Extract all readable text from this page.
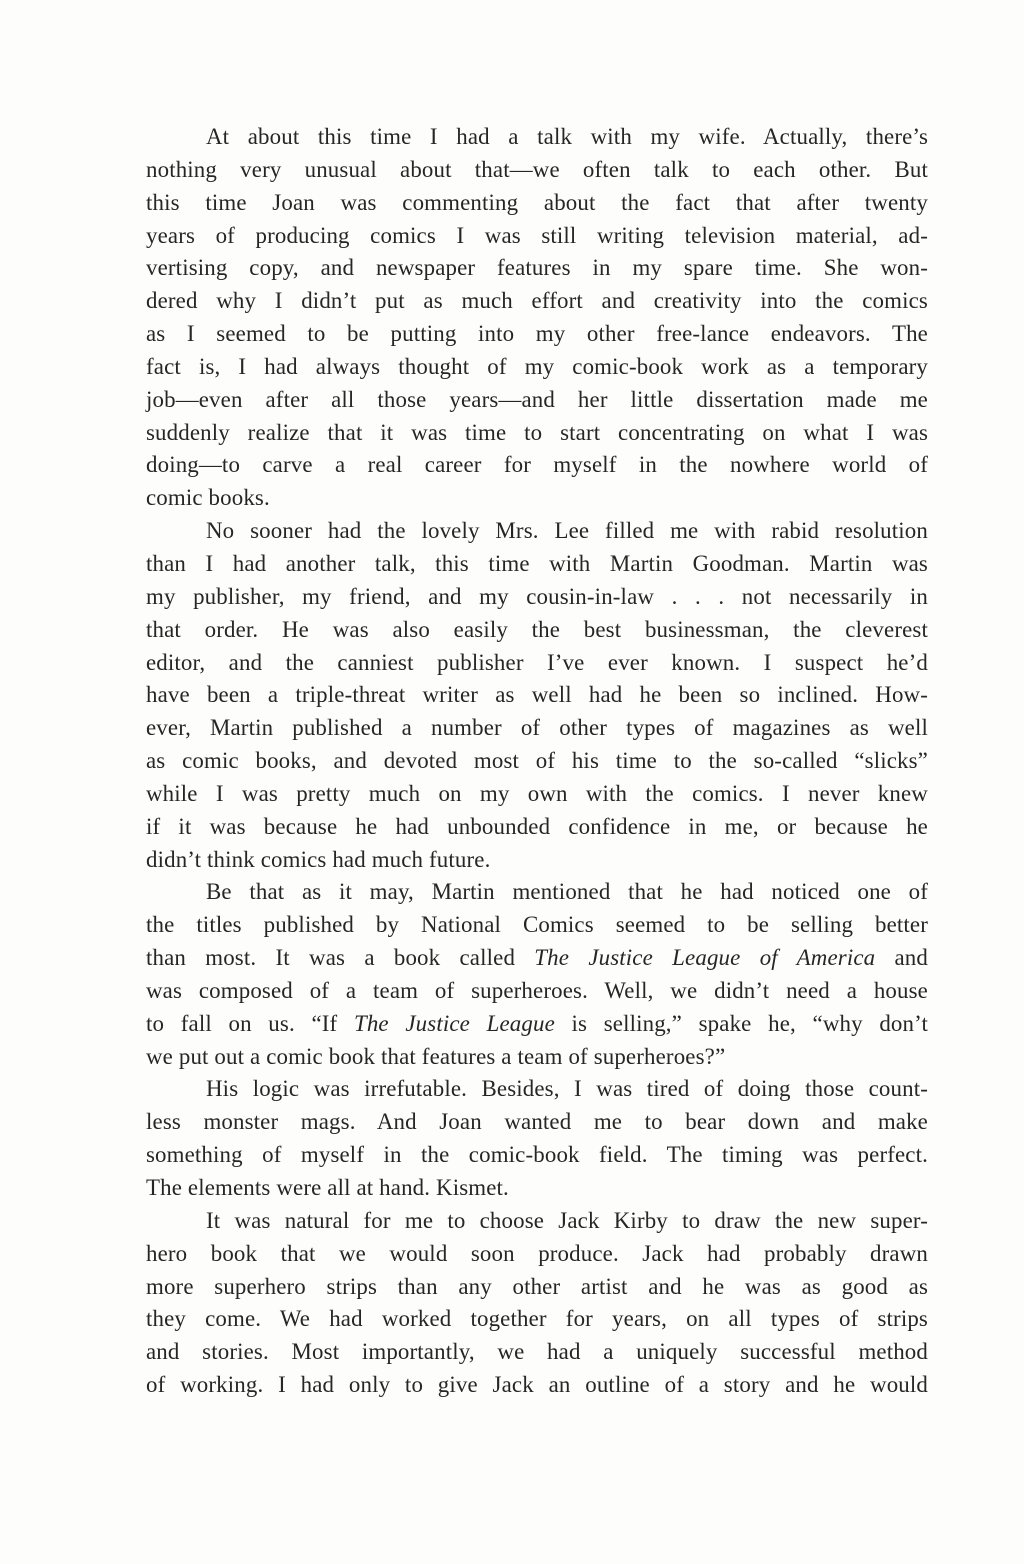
At about this time I had a talk with my wife. Actually, there’s
nothing very unusual about that—we often talk to each other. But
this time Joan was commenting about the fact that after twenty
years of producing comics I was still writing television material, ad-
vertising copy, and newspaper features in my spare time. She won-
dered why I didn’t put as much effort and creativity into the comics
as I seemed to be putting into my other free-lance endeavors. The
fact is, I had always thought of my comic-book work as a temporary
job—even after all those years—and her little dissertation made me
suddenly realize that it was time to start concentrating on what I was
doing—to carve a real career for myself in the nowhere world of
comic books.

No sooner had the lovely Mrs. Lee filled me with rabid resolution
than I had another talk, this time with Martin Goodman. Martin was
my publisher, my friend, and my cousin-in-law . . . not necessarily in
that order. He was also easily the best businessman, the cleverest
editor, and the canniest publisher I’ve ever known. I suspect he’d
have been a triple-threat writer as well had he been so inclined. How-
ever, Martin published a number of other types of magazines as well
as comic books, and devoted most of his time to the so-called “slicks”
while I was pretty much on my own with the comics. I never knew
if it was because he had unbounded confidence in me, or because he
didn’t think comics had much future.

Be that as it may, Martin mentioned that he had noticed one of
the titles published by National Comics seemed to be selling better
than most. It was a book called The Justice League of America and
was composed of a team of superheroes. Well, we didn’t need a house
to fall on us. “If The Justice League is selling,” spake he, “why don’t
we put out a comic book that features a team of superheroes?”

His logic was irrefutable. Besides, I was tired of doing those count-
less monster mags. And Joan wanted me to bear down and make
something of myself in the comic-book field. The timing was perfect.
The elements were all at hand. Kismet.

It was natural for me to choose Jack Kirby to draw the new super-
hero book that we would soon produce. Jack had probably drawn
more superhero strips than any other artist and he was as good as
they come. We had worked together for years, on all types of strips
and stories. Most importantly, we had a uniquely successful method
of working. I had only to give Jack an outline of a story and he would
